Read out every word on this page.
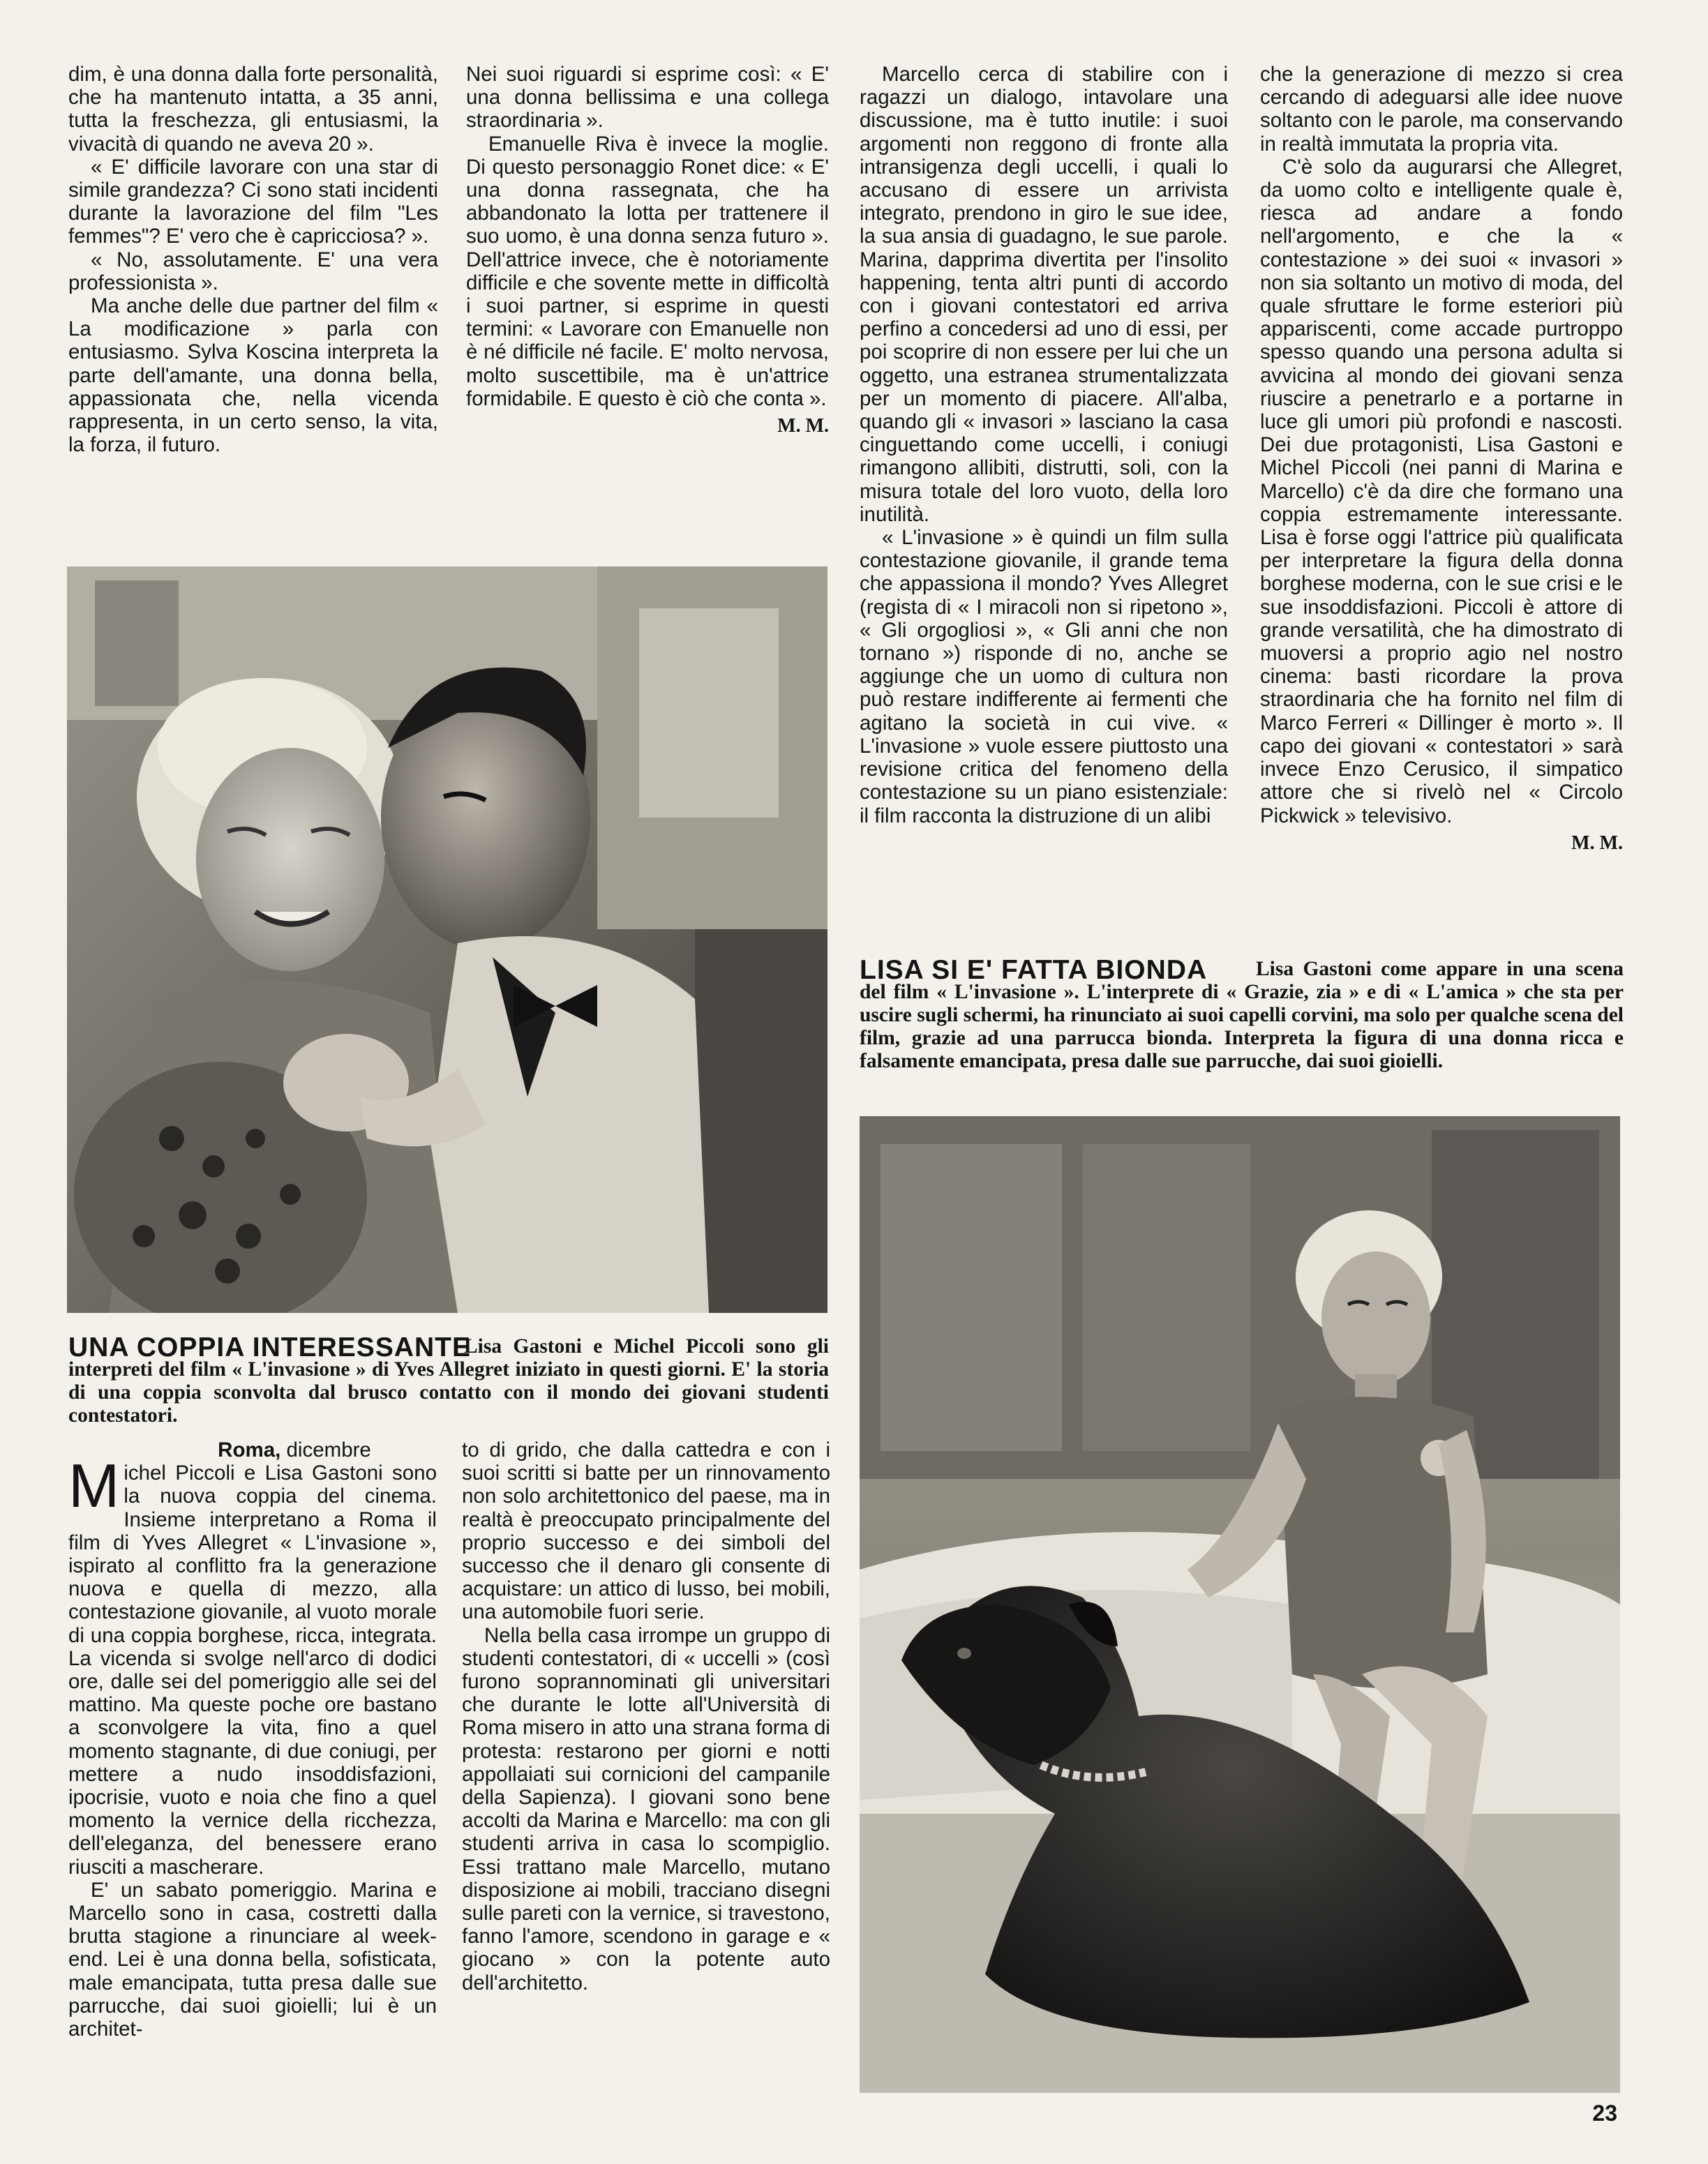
dim, è una donna dalla forte personalità, che ha mantenuto intatta, a 35 anni, tutta la freschezza, gli entusiasmi, la vivacità di quando ne aveva 20 ».

« E' difficile lavorare con una star di simile grandezza? Ci sono stati incidenti durante la lavorazione del film "Les femmes"? E' vero che è capricciosa? ».

« No, assolutamente. E' una vera professionista ».

Ma anche delle due partner del film « La modificazione » parla con entusiasmo. Sylva Koscina interpreta la parte dell'amante, una donna bella, appassionata che, nella vicenda rappresenta, in un certo senso, la vita, la forza, il futuro.

Nei suoi riguardi si esprime così: « E' una donna bellissima e una collega straordinaria ».

Emanuelle Riva è invece la moglie. Di questo personaggio Ronet dice: « E' una donna rassegnata, che ha abbandonato la lotta per trattenere il suo uomo, è una donna senza futuro ». Dell'attrice invece, che è notoriamente difficile e che sovente mette in difficoltà i suoi partner, si esprime in questi termini: « Lavorare con Emanuelle non è né difficile né facile. E' molto nervosa, molto suscettibile, ma è un'attrice formidabile. E questo è ciò che conta ».

M. M.

Marcello cerca di stabilire con i ragazzi un dialogo, intavolare una discussione, ma è tutto inutile: i suoi argomenti non reggono di fronte alla intransigenza degli uccelli, i quali lo accusano di essere un arrivista integrato, prendono in giro le sue idee, la sua ansia di guadagno, le sue parole. Marina, dapprima divertita per l'insolito happening, tenta altri punti di accordo con i giovani contestatori ed arriva perfino a concedersi ad uno di essi, per poi scoprire di non essere per lui che un oggetto, una estranea strumentalizzata per un momento di piacere. All'alba, quando gli « invasori » lasciano la casa cinguettando come uccelli, i coniugi rimangono allibiti, distrutti, soli, con la misura totale del loro vuoto, della loro inutilità.

« L'invasione » è quindi un film sulla contestazione giovanile, il grande tema che appassiona il mondo? Yves Allegret (regista di « I miracoli non si ripetono », « Gli orgogliosi », « Gli anni che non tornano ») risponde di no, anche se aggiunge che un uomo di cultura non può restare indifferente ai fermenti che agitano la società in cui vive. « L'invasione » vuole essere piuttosto una revisione critica del fenomeno della contestazione su un piano esistenziale: il film racconta la distruzione di un alibi

che la generazione di mezzo si crea cercando di adeguarsi alle idee nuove soltanto con le parole, ma conservando in realtà immutata la propria vita.

C'è solo da augurarsi che Allegret, da uomo colto e intelligente quale è, riesca ad andare a fondo nell'argomento, e che la « contestazione » dei suoi « invasori » non sia soltanto un motivo di moda, del quale sfruttare le forme esteriori più appariscenti, come accade purtroppo spesso quando una persona adulta si avvicina al mondo dei giovani senza riuscire a penetrarlo e a portarne in luce gli umori più profondi e nascosti. Dei due protagonisti, Lisa Gastoni e Michel Piccoli (nei panni di Marina e Marcello) c'è da dire che formano una coppia estremamente interessante. Lisa è forse oggi l'attrice più qualificata per interpretare la figura della donna borghese moderna, con le sue crisi e le sue insoddisfazioni. Piccoli è attore di grande versatilità, che ha dimostrato di muoversi a proprio agio nel nostro cinema: basti ricordare la prova straordinaria che ha fornito nel film di Marco Ferreri « Dillinger è morto ». Il capo dei giovani « contestatori » sarà invece Enzo Cerusico, il simpatico attore che si rivelò nel « Circolo Pickwick » televisivo.

M. M.
UNA COPPIA INTERESSANTE
Lisa Gastoni e Michel Piccoli sono gli interpreti del film « L'invasione » di Yves Allegret iniziato in questi giorni. E' la storia di una coppia sconvolta dal brusco contatto con il mondo dei giovani studenti contestatori.

Roma, dicembre

Michel Piccoli e Lisa Gastoni sono la nuova coppia del cinema. Insieme interpretano a Roma il film di Yves Allegret « L'invasione », ispirato al conflitto fra la generazione nuova e quella di mezzo, alla contestazione giovanile, al vuoto morale di una coppia borghese, ricca, integrata. La vicenda si svolge nell'arco di dodici ore, dalle sei del pomeriggio alle sei del mattino. Ma queste poche ore bastano a sconvolgere la vita, fino a quel momento stagnante, di due coniugi, per mettere a nudo insoddisfazioni, ipocrisie, vuoto e noia che fino a quel momento la vernice della ricchezza, dell'eleganza, del benessere erano riusciti a mascherare.

E' un sabato pomeriggio. Marina e Marcello sono in casa, costretti dalla brutta stagione a rinunciare al week-end. Lei è una donna bella, sofisticata, male emancipata, tutta presa dalle sue parrucche, dai suoi gioielli; lui è un architet-

to di grido, che dalla cattedra e con i suoi scritti si batte per un rinnovamento non solo architettonico del paese, ma in realtà è preoccupato principalmente del proprio successo e dei simboli del successo che il denaro gli consente di acquistare: un attico di lusso, bei mobili, una automobile fuori serie.

Nella bella casa irrompe un gruppo di studenti contestatori, di « uccelli » (così furono soprannominati gli universitari che durante le lotte all'Università di Roma misero in atto una strana forma di protesta: restarono per giorni e notti appollaiati sui cornicioni del campanile della Sapienza). I giovani sono bene accolti da Marina e Marcello: ma con gli studenti arriva in casa lo scompiglio. Essi trattano male Marcello, mutano disposizione ai mobili, tracciano disegni sulle pareti con la vernice, si travestono, fanno l'amore, scendono in garage e « giocano » con la potente auto dell'architetto.

LISA SI E' FATTA BIONDA	Lisa Gastoni come appare in una scena del film « L'invasione ». L'interprete di « Grazie, zia » e di « L'amica » che sta per uscire sugli schermi, ha rinunciato ai suoi capelli corvini, ma solo per qualche scena del film, grazie ad una parrucca bionda. Interpreta la figura di una donna ricca e falsamente emancipata, presa dalle sue parrucche, dai suoi gioielli.
23
